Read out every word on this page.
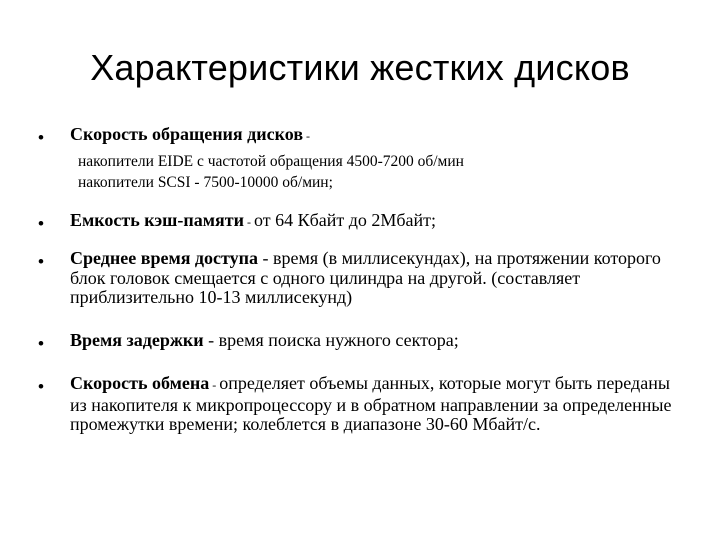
Характеристики жестких дисков
• Скорость обращения дисков -
накопители EIDE с частотой обращения 4500-7200 об/мин
накопители SCSI - 7500-10000 об/мин;
• Емкость кэш-памяти - от 64 Кбайт до 2Мбайт;
• Среднее время доступа - время (в миллисекундах), на протяжении которого блок головок смещается с одного цилиндра на другой. (составляет приблизительно 10-13 миллисекунд)
• Время задержки - время поиска нужного сектора;
• Скорость обмена - определяет объемы данных, которые могут быть переданы из накопителя к микропроцессору и в обратном направлении за определенные промежутки времени; колеблется в диапазоне 30-60 Мбайт/с.
